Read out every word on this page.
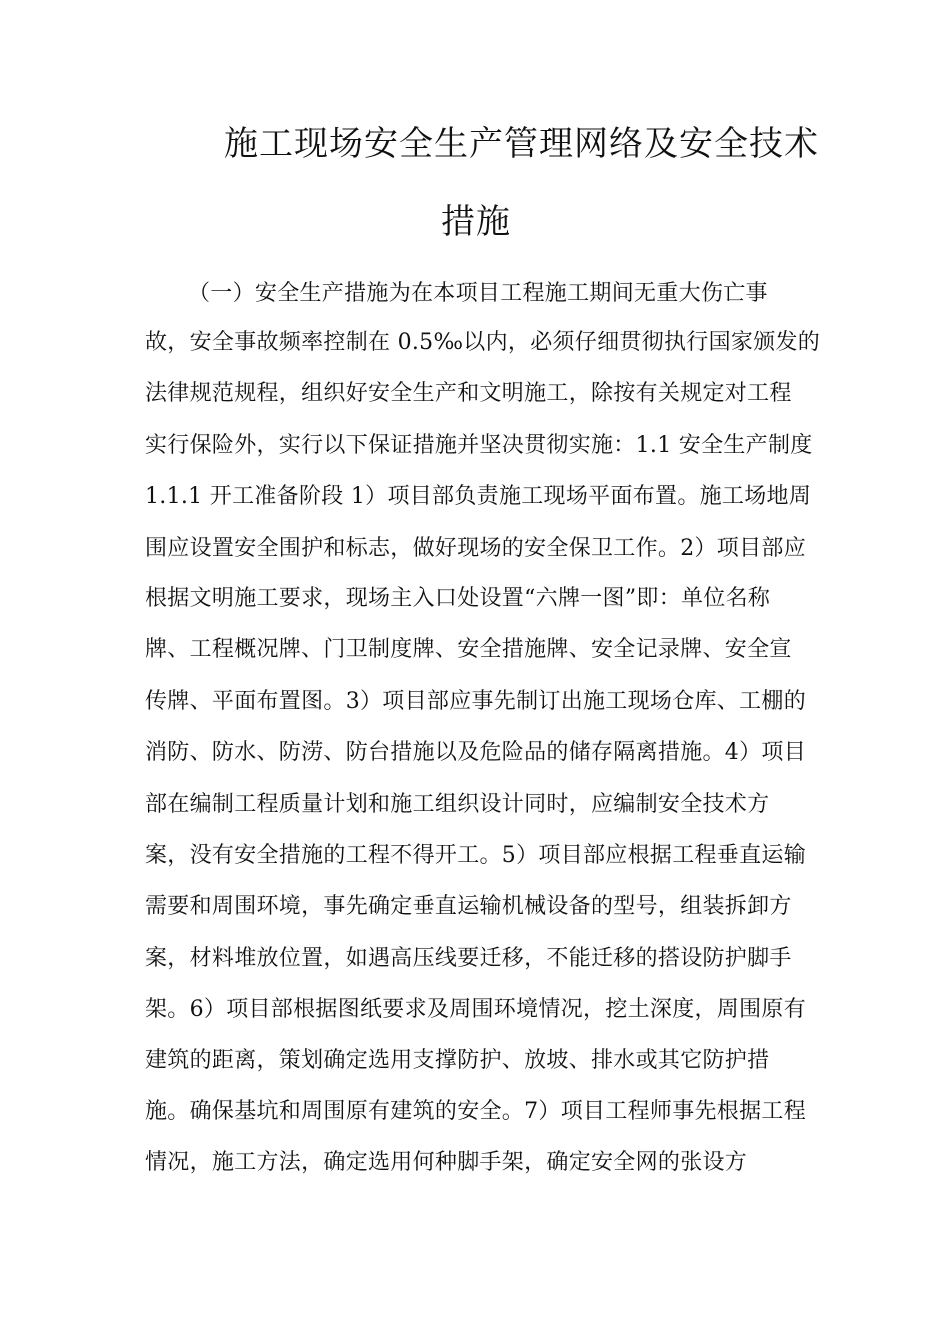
施工现场安全生产管理网络及安全技术
措施
（一）安全生产措施为在本项目工程施工期间无重大伤亡事
故，安全事故频率控制在 0.5‰以内，必须仔细贯彻执行国家颁发的
法律规范规程，组织好安全生产和文明施工，除按有关规定对工程
实行保险外，实行以下保证措施并坚决贯彻实施：1.1 安全生产制度
1.1.1 开工准备阶段 1）项目部负责施工现场平面布置。施工场地周
围应设置安全围护和标志，做好现场的安全保卫工作。2）项目部应
根据文明施工要求，现场主入口处设置“六牌一图”即：单位名称
牌、工程概况牌、门卫制度牌、安全措施牌、安全记录牌、安全宣
传牌、平面布置图。3）项目部应事先制订出施工现场仓库、工棚的
消防、防水、防涝、防台措施以及危险品的储存隔离措施。4）项目
部在编制工程质量计划和施工组织设计同时，应编制安全技术方
案，没有安全措施的工程不得开工。5）项目部应根据工程垂直运输
需要和周围环境，事先确定垂直运输机械设备的型号，组装拆卸方
案，材料堆放位置，如遇高压线要迁移，不能迁移的搭设防护脚手
架。6）项目部根据图纸要求及周围环境情况，挖土深度，周围原有
建筑的距离，策划确定选用支撑防护、放坡、排水或其它防护措
施。确保基坑和周围原有建筑的安全。7）项目工程师事先根据工程
情况，施工方法，确定选用何种脚手架，确定安全网的张设方
